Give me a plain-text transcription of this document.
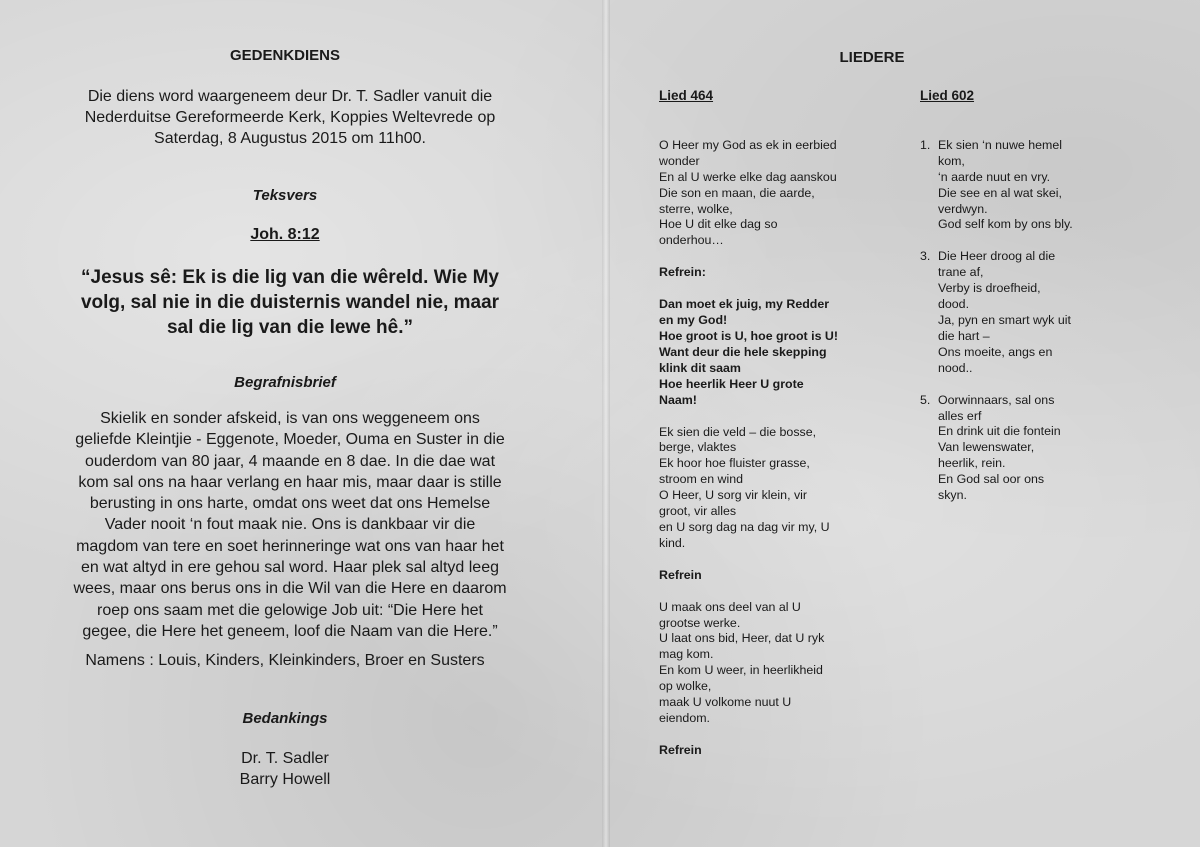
GEDENKDIENS
Die diens word waargeneem deur Dr. T. Sadler vanuit die
Nederduitse Gereformeerde Kerk, Koppies Weltevrede op
Saterdag, 8 Augustus 2015 om 11h00.
Teksvers
Joh. 8:12
“Jesus sê: Ek is die lig van die wêreld. Wie My
volg, sal nie in die duisternis wandel nie, maar
sal die lig van die lewe hê.”
Begrafnisbrief
Skielik en sonder afskeid, is van ons weggeneem ons
geliefde Kleintjie - Eggenote, Moeder, Ouma en Suster in die
ouderdom van 80 jaar, 4 maande en 8 dae. In die dae wat
kom sal ons na haar verlang en haar mis, maar daar is stille
berusting in ons harte, omdat ons weet dat ons Hemelse
Vader nooit ‘n fout maak nie. Ons is dankbaar vir die
magdom van tere en soet herinneringe wat ons van haar het
en wat altyd in ere gehou sal word. Haar plek sal altyd leeg
wees, maar ons berus ons in die Wil van die Here en daarom
roep ons saam met die gelowige Job uit: “Die Here het
gegee, die Here het geneem, loof die Naam van die Here.”
Namens : Louis, Kinders, Kleinkinders, Broer en Susters
Bedankings
Dr. T. Sadler
Barry Howell
LIEDERE
Lied 464
O Heer my God as ek in eerbied
wonder
En al U werke elke dag aanskou
Die son en maan, die aarde,
sterre, wolke,
Hoe U dit elke dag so
onderhou…
Refrein:
Dan moet ek juig, my Redder
en my God!
Hoe groot is U, hoe groot is U!
Want deur die hele skepping
klink dit saam
Hoe heerlik Heer U grote
Naam!
Ek sien die veld – die bosse,
berge, vlaktes
Ek hoor hoe fluister grasse,
stroom en wind
O Heer, U sorg vir klein, vir
groot, vir alles
en U sorg dag na dag vir my, U
kind.
Refrein
U maak ons deel van al U
grootse werke.
U laat ons bid, Heer, dat U ryk
mag kom.
En kom U weer, in heerlikheid
op wolke,
maak U volkome nuut U
eiendom.
Refrein
Lied 602
1. Ek sien ‘n nuwe hemel
kom,
‘n aarde nuut en vry.
Die see en al wat skei,
verdwyn.
God self kom by ons bly.
3. Die Heer droog al die
trane af,
Verby is droefheid,
dood.
Ja, pyn en smart wyk uit
die hart –
Ons moeite, angs en
nood..
5. Oorwinnaars, sal ons
alles erf
En drink uit die fontein
Van lewenswater,
heerlik, rein.
En God sal oor ons
skyn.
